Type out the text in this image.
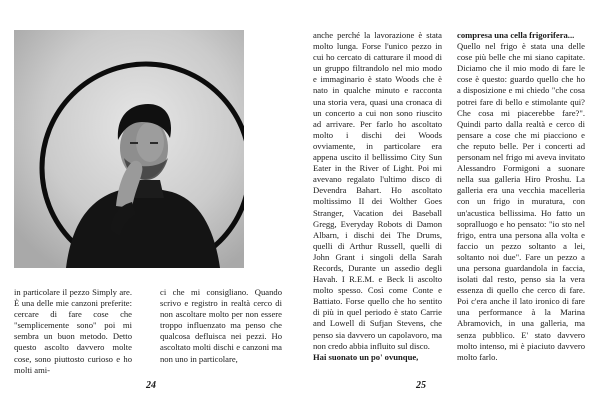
in particolare il pezzo Simply are. È una delle mie canzoni preferite: cercare di fare cose che "semplicemente sono" poi mi sembra un buon metodo. Detto questo ascolto davvero molte cose, sono piuttosto curioso e ho molti ami-

ci che mi consigliano. Quando scrivo e registro in realtà cerco di non ascoltare molto per non essere troppo influenzato ma penso che qualcosa defluisca nei pezzi. Ho ascoltato molti dischi e canzoni ma non uno in particolare,

24

anche perché la lavorazione è stata molto lunga. Forse l'unico pezzo in cui ho cercato di catturare il mood di un gruppo filtrandolo nel mio modo e immaginario è stato Woods che è nato in qualche minuto e racconta una storia vera, quasi una cronaca di un concerto a cui non sono riuscito ad arrivare. Per farlo ho ascoltato molto i dischi dei Woods ovviamente, in particolare era appena uscito il bellissimo City Sun Eater in the River of Light. Poi mi avevano regalato l'ultimo disco di Devendra Bahart. Ho ascoltato moltissimo II dei Wolther Goes Stranger, Vacation dei Baseball Gregg, Everyday Robots di Damon Albarn, i dischi dei The Drums, quelli di Arthur Russell, quelli di John Grant i singoli della Sarah Records, Durante un assedio degli Havah. I R.E.M. e Beck li ascolto molto spesso. Così come Conte e Battiato. Forse quello che ho sentito di più in quel periodo è stato Carrie and Lowell di Sufjan Stevens, che penso sia davvero un capolavoro, ma non credo abbia influito sul disco.

Hai suonato un po' ovunque,

compresa una cella frigorifera...

Quello nel frigo è stata una delle cose più belle che mi siano capitate. Diciamo che il mio modo di fare le cose è questo: guardo quello che ho a disposizione e mi chiedo "che cosa potrei fare di bello e stimolante qui? Che cosa mi piacerebbe fare?". Quindi parto dalla realtà e cerco di pensare a cose che mi piacciono e che reputo belle. Per i concerti ad personam nel frigo mi aveva invitato Alessandro Formigoni a suonare nella sua galleria Hiro Proshu. La galleria era una vecchia macelleria con un frigo in muratura, con un'acustica bellissima. Ho fatto un sopralluogo e ho pensato: "io sto nel frigo, entra una persona alla volta e faccio un pezzo soltanto a lei, soltanto noi due". Fare un pezzo a una persona guardandola in faccia, isolati dal resto, penso sia la vera essenza di quello che cerco di fare. Poi c'era anche il lato ironico di fare una performance à la Marina Abramovich, in una galleria, ma senza pubblico. E' stato davvero molto intenso, mi è piaciuto davvero molto farlo.

25
